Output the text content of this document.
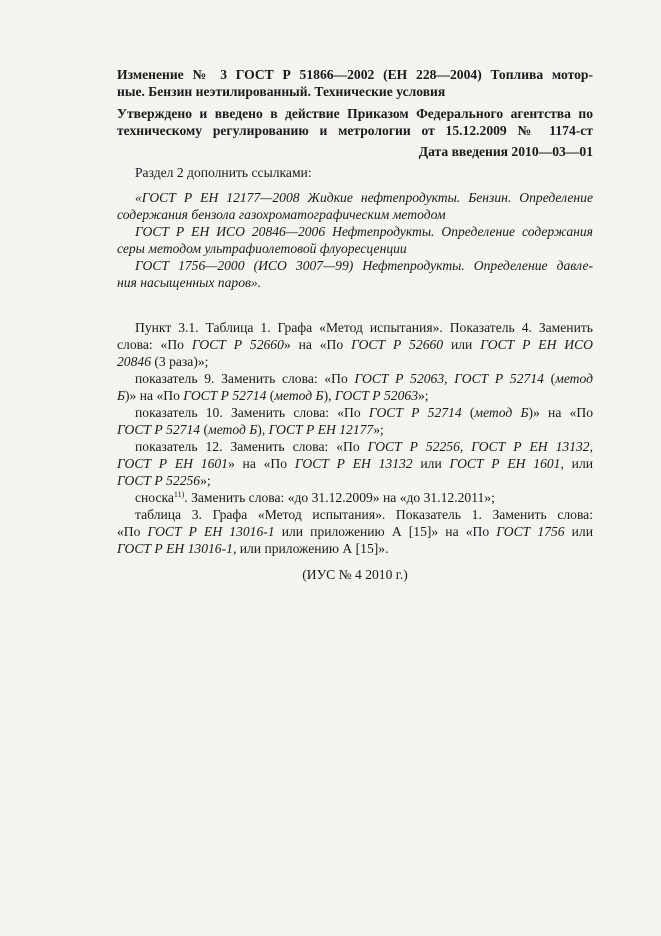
Изменение № 3 ГОСТ Р 51866—2002 (ЕН 228—2004) Топлива мотор-
ные. Бензин неэтилированный. Технические условия
Утверждено и введено в действие Приказом Федерального агентства по
техническому регулированию и метрологии от 15.12.2009 № 1174-ст
Дата введения 2010—03—01
Раздел 2 дополнить ссылками:
«ГОСТ Р ЕН 12177—2008 Жидкие нефтепродукты. Бензин. Определение
содержания бензола газохроматографическим методом
ГОСТ Р ЕН ИСО 20846—2006 Нефтепродукты. Определение содержания
серы методом ультрафиолетовой флуоресценции
ГОСТ 1756—2000 (ИСО 3007—99) Нефтепродукты. Определение давле-
ния насыщенных паров».
Пункт 3.1. Таблица 1. Графа «Метод испытания». Показатель 4. Заменить
слова: «По ГОСТ Р 52660» на «По ГОСТ Р 52660 или ГОСТ Р ЕН ИСО
20846 (3 раза)»;
показатель 9. Заменить слова: «По ГОСТ Р 52063, ГОСТ Р 52714 (метод
Б)» на «По ГОСТ Р 52714 (метод Б), ГОСТ Р 52063»;
показатель 10. Заменить слова: «По ГОСТ Р 52714 (метод Б)» на «По
ГОСТ Р 52714 (метод Б), ГОСТ Р ЕН 12177»;
показатель 12. Заменить слова: «По ГОСТ Р 52256, ГОСТ Р ЕН 13132,
ГОСТ Р ЕН 1601» на «По ГОСТ Р ЕН 13132 или ГОСТ Р ЕН 1601, или
ГОСТ Р 52256»;
сноска$^{11)}$. Заменить слова: «до 31.12.2009» на «до 31.12.2011»;
таблица 3. Графа «Метод испытания». Показатель 1. Заменить слова:
«По ГОСТ Р ЕН 13016-1 или приложению А [15]» на «По ГОСТ 1756 или
ГОСТ Р ЕН 13016-1, или приложению А [15]».
(ИУС № 4 2010 г.)
